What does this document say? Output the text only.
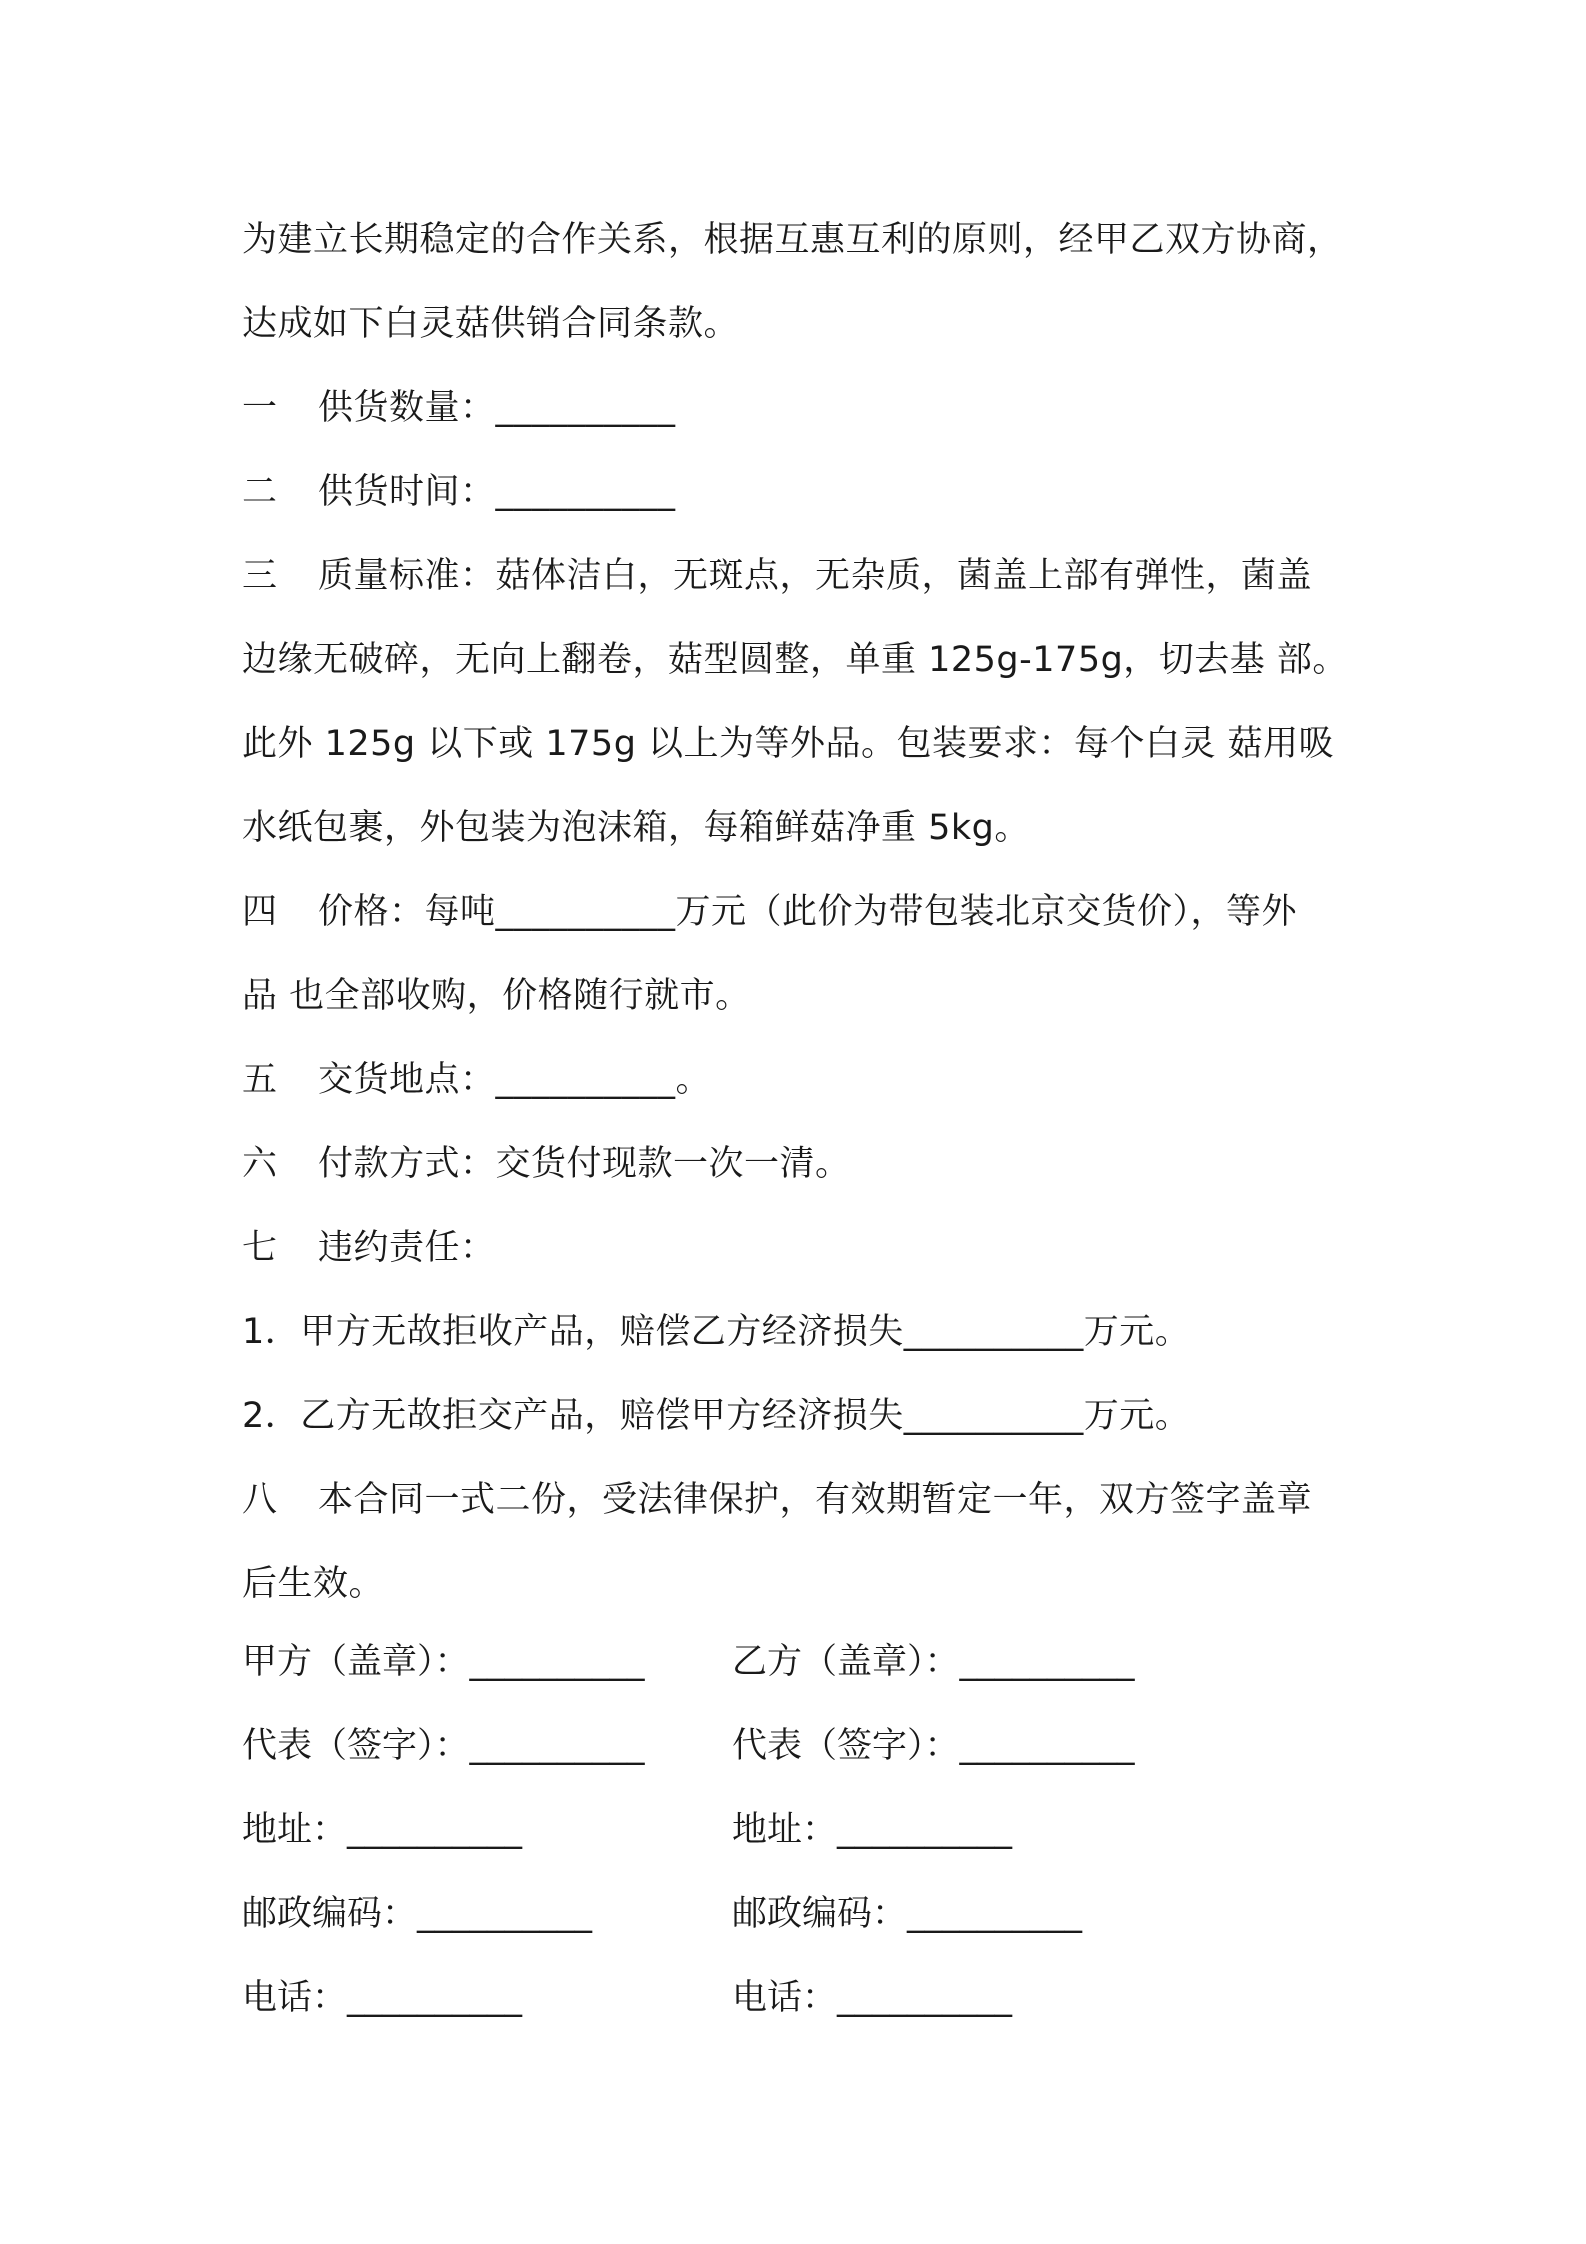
为建立长期稳定的合作关系，根据互惠互利的原则，经甲乙双方协商，

达成如下白灵菇供销合同条款。

一	供货数量：__________
二	供货时间：__________
三	质量标准：菇体洁白，无斑点，无杂质，菌盖上部有弹性，菌盖

边缘无破碎，无向上翻卷，菇型圆整，单重 125g-175g，切去基 部。

此外 125g 以下或 175g 以上为等外品。包装要求：每个白灵 菇用吸

水纸包裹，外包装为泡沫箱，每箱鲜菇净重 5kg。

四	价格：每吨__________万元（此价为带包装北京交货价），等外

品 也全部收购，价格随行就市。

五	交货地点：__________。
六	付款方式：交货付现款一次一清。
七	违约责任：

1．甲方无故拒收产品，赔偿乙方经济损失__________万元。

2．乙方无故拒交产品，赔偿甲方经济损失__________万元。

八	本合同一式二份，受法律保护，有效期暂定一年，双方签字盖章

后生效。

甲方（盖章）：__________	乙方（盖章）：__________
代表（签字）：__________	代表（签字）：__________
地址：__________	地址：__________
邮政编码：__________	邮政编码：__________
电话：__________	电话：__________
